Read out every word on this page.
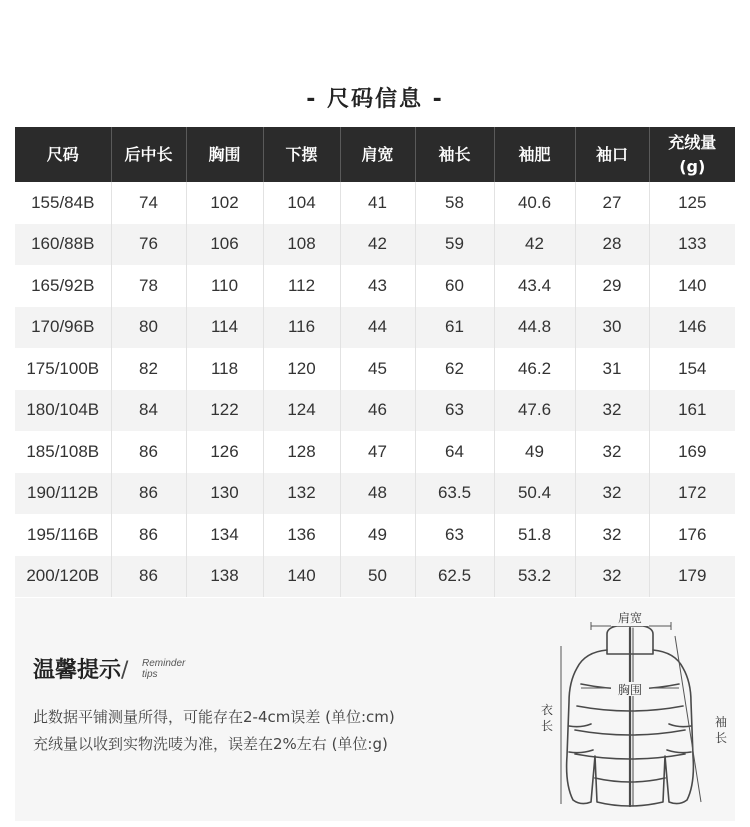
- 尺码信息 -
尺码	后中长	胸围	下摆	肩宽	袖长	袖肥	袖口	充绒量
(g)
155/84B	74	102	104	41	58	40.6	27	125
160/88B	76	106	108	42	59	42	28	133
165/92B	78	110	112	43	60	43.4	29	140
170/96B	80	114	116	44	61	44.8	30	146
175/100B	82	118	120	45	62	46.2	31	154
180/104B	84	122	124	46	63	47.6	32	161
185/108B	86	126	128	47	64	49	32	169
190/112B	86	130	132	48	63.5	50.4	32	172
195/116B	86	134	136	49	63	51.8	32	176
200/120B	86	138	140	50	62.5	53.2	32	179
温馨提示/ Reminder
tips
此数据平铺测量所得，可能存在2-4cm误差 (单位:cm)
充绒量以收到实物洗唛为准，误差在2%左右 (单位:g)
肩宽
胸围
衣
长	袖
长
